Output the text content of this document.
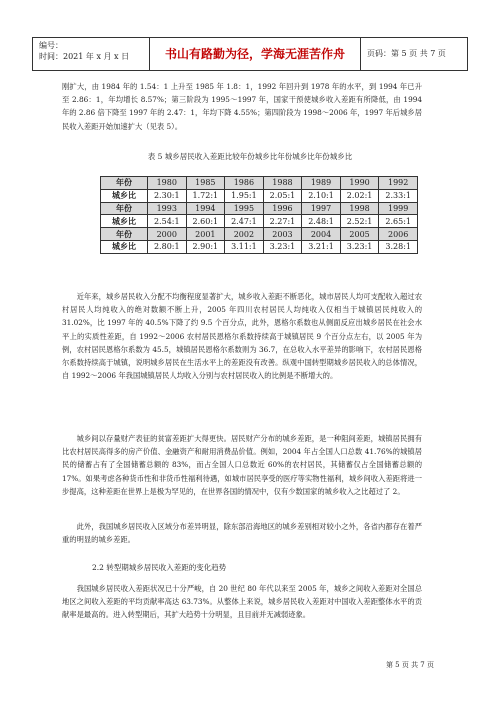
编号：
时间：2021 年 x 月 x 日	书山有路勤为径，学海无涯苦作舟	页码：第 5 页 共 7 页
刚扩大，由 1984 年的 1.54：1 上升至 1985 年 1.8：1，1992 年回升到 1978 年的水平，到 1994 年已升至 2.86：1，年均增长 8.57%；第三阶段为 1995～1997 年，国家干预使城乡收入差距有所降低，由 1994 年的 2.86 倍下降至 1997 年的 2.47：1，年均下降 4.55%；第四阶段为 1998～2006 年，1997 年后城乡居民收入差距开始加速扩大（见表 5）。
表 5 城乡居民收入差距比较年份城乡比年份城乡比年份城乡比
年份	1980	1985	1986	1988	1989	1990	1992
城乡比	2.30:1	1.72:1	1.95:1	2.05:1	2.10:1	2.02:1	2.33:1
年份	1993	1994	1995	1996	1997	1998	1999
城乡比	2.54:1	2.60:1	2.47:1	2.27:1	2.48:1	2.52:1	2.65:1
年份	2000	2001	2002	2003	2004	2005	2006
城乡比	2.80:1	2.90:1	3.11:1	3.23:1	3.21:1	3.23:1	3.28:1
近年来，城乡居民收入分配不均衡程度显著扩大，城乡收入差距不断恶化，城市居民人均可支配收入超过农村居民人均纯收入的绝对数额不断上升，2005 年四川农村居民人均纯收入仅相当于城镇居民纯收入的 31.02%，比 1997 年的 40.5%下降了约 9.5 个百分点，此外，恩格尔系数也从侧面反应出城乡居民在社会水平上的实质性差距，自 1992～2006 农村居民恩格尔系数持续高于城镇居民 9 个百分点左右，以 2005 年为例，农村居民恩格尔系数为 45.5，城镇居民恩格尔系数则为 36.7，在总收入水平差异的影响下，农村居民恩格尔系数持续高于城镇，说明城乡居民在生活水平上的差距没有改善。纵观中国转型期城乡居民收入的总体情况，自 1992～2006 年我国城镇居民人均收入分别与农村居民收入的比例是不断增大的。
城乡间以存量财产表征的贫富差距扩大得更快。居民财产分布的城乡差距，是一种阻间差距，城镇居民拥有比农村居民高得多的房产价值、金融资产和耐用消费品价值。例如，2004 年占全国人口总数 41.76%的城镇居民的储蓄占有了全国储蓄总额的 83%，而占全国人口总数近 60%的农村居民，其储蓄仅占全国储蓄总额的 17%。如果考虑各种货币性和非货币性福利待遇，如城市居民享受的医疗等实物性福利，城乡间收入差距将进一步提高，这种差距在世界上是极为罕见的，在世界各国的情况中，仅有少数国家的城乡收入之比超过了 2。
此外，我国城乡居民收入区域分布差异明显，除东部沿海地区的城乡差别相对较小之外，各省内都存在着严重的明显的城乡差距。
2.2 转型期城乡居民收入差距的变化趋势
我国城乡居民收入差距状况已十分严峻，自 20 世纪 80 年代以来至 2005 年，城乡之间收入差距对全国总地区之间收入差距的平均贡献率高达 63.73%。从整体上来说，城乡居民收入差距对中国收入差距整体水平的贡献率是最高的。进入转型期后，其扩大趋势十分明显，且目前并无减弱迹象。
第 5 页 共 7 页
